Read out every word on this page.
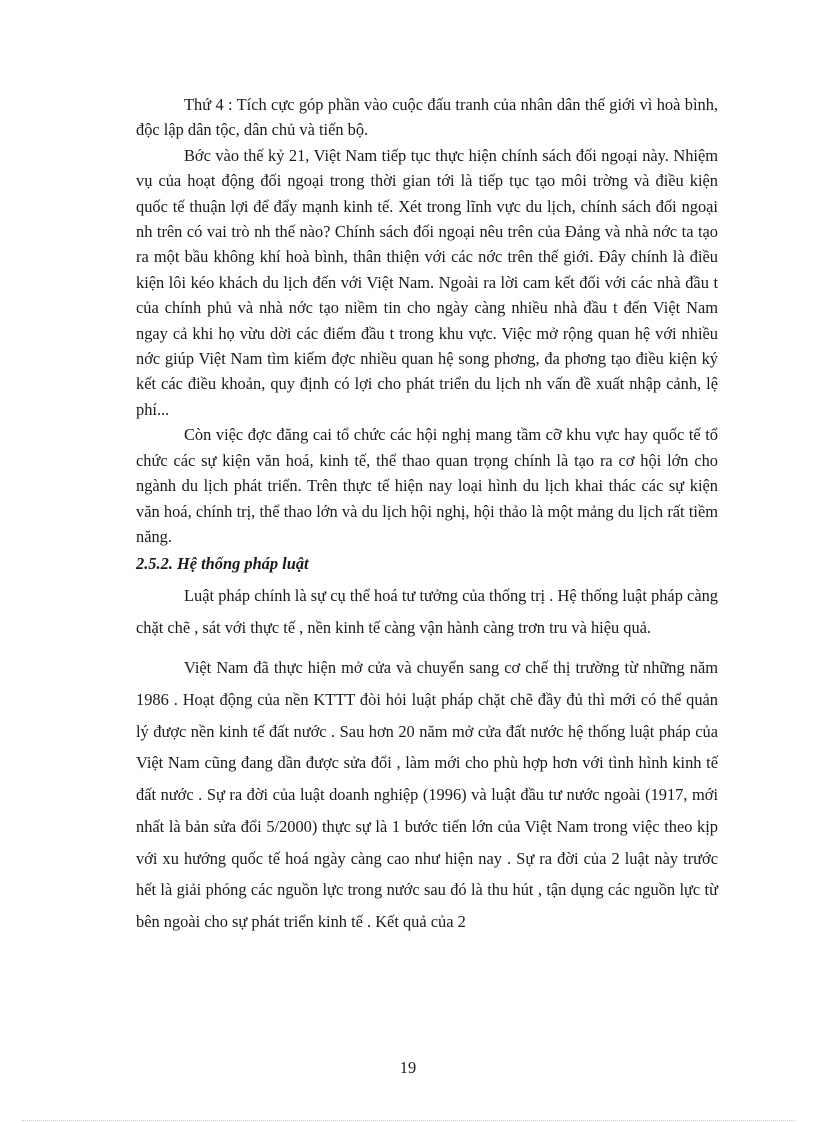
Thứ 4 : Tích cực góp phần vào cuộc đấu tranh của nhân dân thế giới vì hoà bình, độc lập dân tộc, dân chủ và tiến bộ.

Bớc vào thế kỷ 21, Việt Nam tiếp tục thực hiện chính sách đối ngoại này. Nhiệm vụ của hoạt động đối ngoại trong thời gian tới là tiếp tục tạo môi trờng và điều kiện quốc tế thuận lợi để đẩy mạnh kinh tế. Xét trong lĩnh vực du lịch, chính sách đối ngoại nh trên có vai trò nh thế nào? Chính sách đối ngoại nêu trên của Đảng và nhà nớc ta tạo ra một bầu không khí hoà bình, thân thiện với các nớc trên thế giới. Đây chính là điều kiện lôi kéo khách du lịch đến với Việt Nam. Ngoài ra lời cam kết đối với các nhà đầu t của chính phủ và nhà nớc tạo niềm tin cho ngày càng nhiều nhà đầu t đến Việt Nam ngay cả khi họ vừu dời các điểm đầu t trong khu vực. Việc mở rộng quan hệ với nhiều nớc giúp Việt Nam tìm kiếm đợc nhiều quan hệ song phơng, đa phơng tạo điều kiện ký kết các điều khoản, quy định có lợi cho phát triển du lịch nh vấn đề xuất nhập cảnh, lệ phí...

Còn việc đợc đăng cai tổ chức các hội nghị mang tầm cỡ khu vực hay quốc tế tổ chức các sự kiện văn hoá, kinh tế, thể thao quan trọng chính là tạo ra cơ hội lớn cho ngành du lịch phát triển. Trên thực tế hiện nay loại hình du lịch khai thác các sự kiện văn hoá, chính trị, thể thao lớn và du lịch hội nghị, hội thảo là một mảng du lịch rất tiềm năng.

2.5.2. Hệ thống pháp luật

Luật pháp chính là sự cụ thể hoá tư tưởng của thống trị . Hệ thống luật pháp càng chặt chẽ , sát với thực tế , nền kinh tế càng vận hành càng trơn tru và hiệu quả.

Việt Nam đã thực hiện mở cửa và chuyển sang cơ chế thị trường từ những năm 1986 . Hoạt động của nền KTTT đòi hỏi luật pháp chặt chẽ đầy đủ thì mới có thể quản lý được nền kinh tế đất nước . Sau hơn 20 năm mở cửa đất nước hệ thống luật pháp của Việt Nam cũng đang dần được sửa đổi , làm mới cho phù hợp hơn với tình hình kinh tế đất nước . Sự ra đời của luật doanh nghiệp (1996) và luật đầu tư nước ngoài (1917, mới nhất là bản sửa đổi 5/2000) thực sự là 1 bước tiến lớn của Việt Nam trong việc theo kịp với xu hướng quốc tế hoá ngày càng cao như hiện nay . Sự ra đời của 2 luật này trước hết là giải phóng các nguồn lực trong nước sau đó là thu hút , tận dụng các nguồn lực từ bên ngoài cho sự phát triển kinh tế . Kết quả của 2

19
